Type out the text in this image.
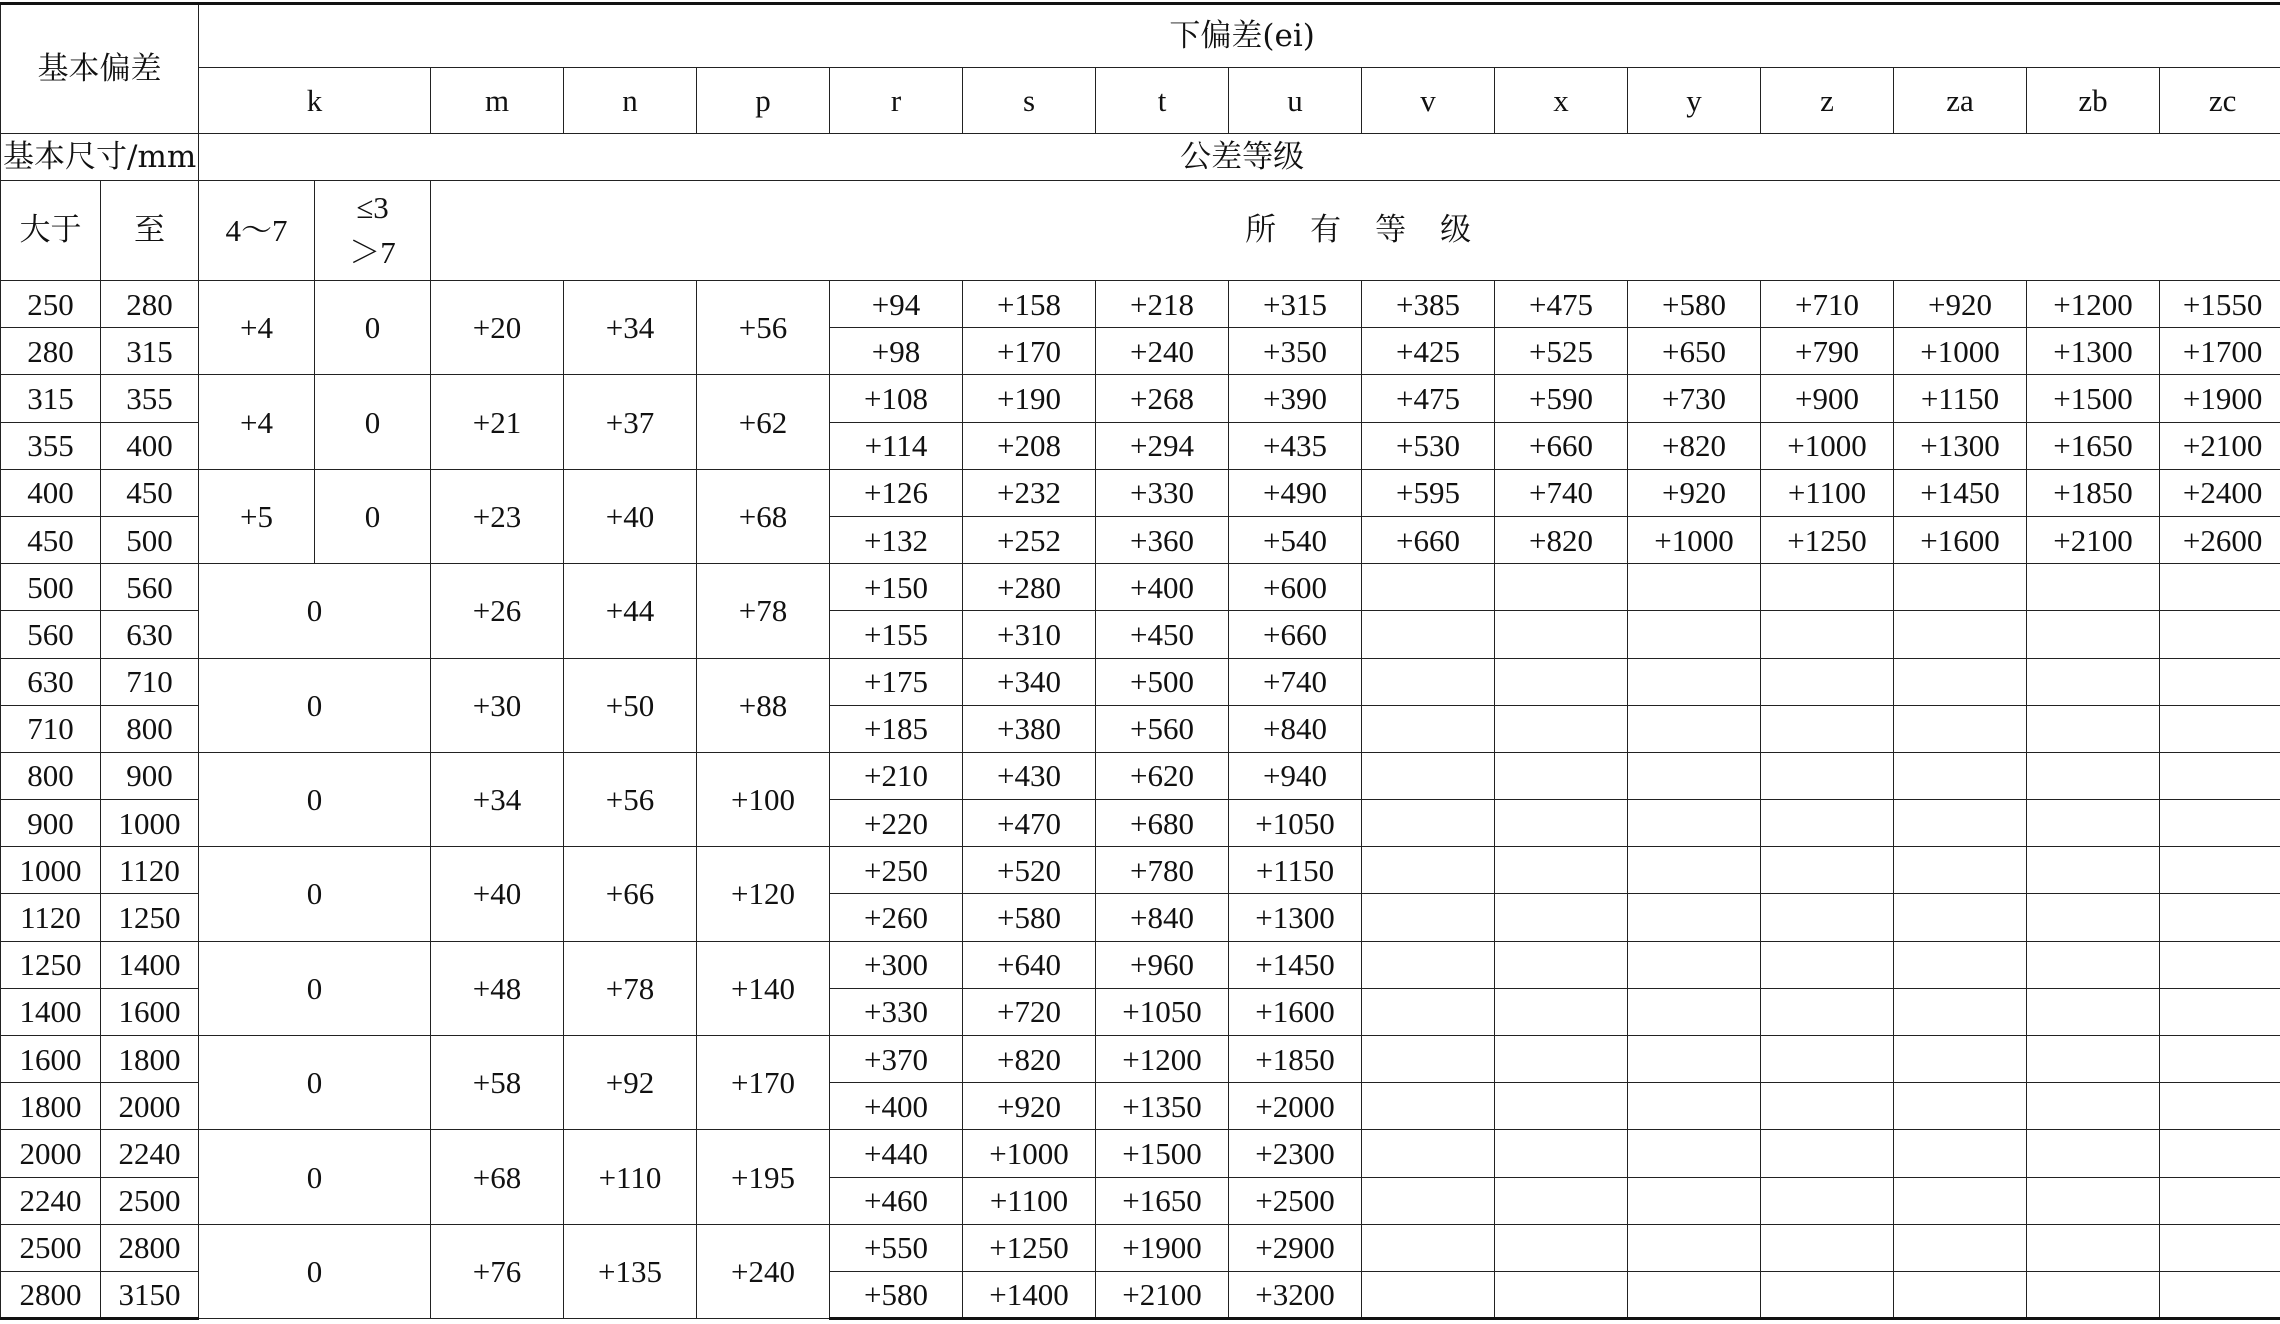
基本偏差		下偏差(ei)															
		k		m	n	p	r	s	t	u	v	x	y	z	za	zb	zc
基本尺寸/mm		公差等级															
大于	至	4～7	≤3
＞7	所有等级													
250	280	+4	0	+20	+34	+56	+94	+158	+218	+315	+385	+475	+580	+710	+920	+1200	+1550
280	315						+98	+170	+240	+350	+425	+525	+650	+790	+1000	+1300	+1700
315	355	+4	0	+21	+37	+62	+108	+190	+268	+390	+475	+590	+730	+900	+1150	+1500	+1900
355	400						+114	+208	+294	+435	+530	+660	+820	+1000	+1300	+1650	+2100
400	450	+5	0	+23	+40	+68	+126	+232	+330	+490	+595	+740	+920	+1100	+1450	+1850	+2400
450	500						+132	+252	+360	+540	+660	+820	+1000	+1250	+1600	+2100	+2600
500	560	0		+26	+44	+78	+150	+280	+400	+600							
560	630						+155	+310	+450	+660							
630	710	0		+30	+50	+88	+175	+340	+500	+740							
710	800						+185	+380	+560	+840							
800	900	0		+34	+56	+100	+210	+430	+620	+940							
900	1000						+220	+470	+680	+1050							
1000	1120	0		+40	+66	+120	+250	+520	+780	+1150							
1120	1250						+260	+580	+840	+1300							
1250	1400	0		+48	+78	+140	+300	+640	+960	+1450							
1400	1600						+330	+720	+1050	+1600							
1600	1800	0		+58	+92	+170	+370	+820	+1200	+1850							
1800	2000						+400	+920	+1350	+2000							
2000	2240	0		+68	+110	+195	+440	+1000	+1500	+2300							
2240	2500						+460	+1100	+1650	+2500							
2500	2800	0		+76	+135	+240	+550	+1250	+1900	+2900							
2800	3150						+580	+1400	+2100	+3200							
